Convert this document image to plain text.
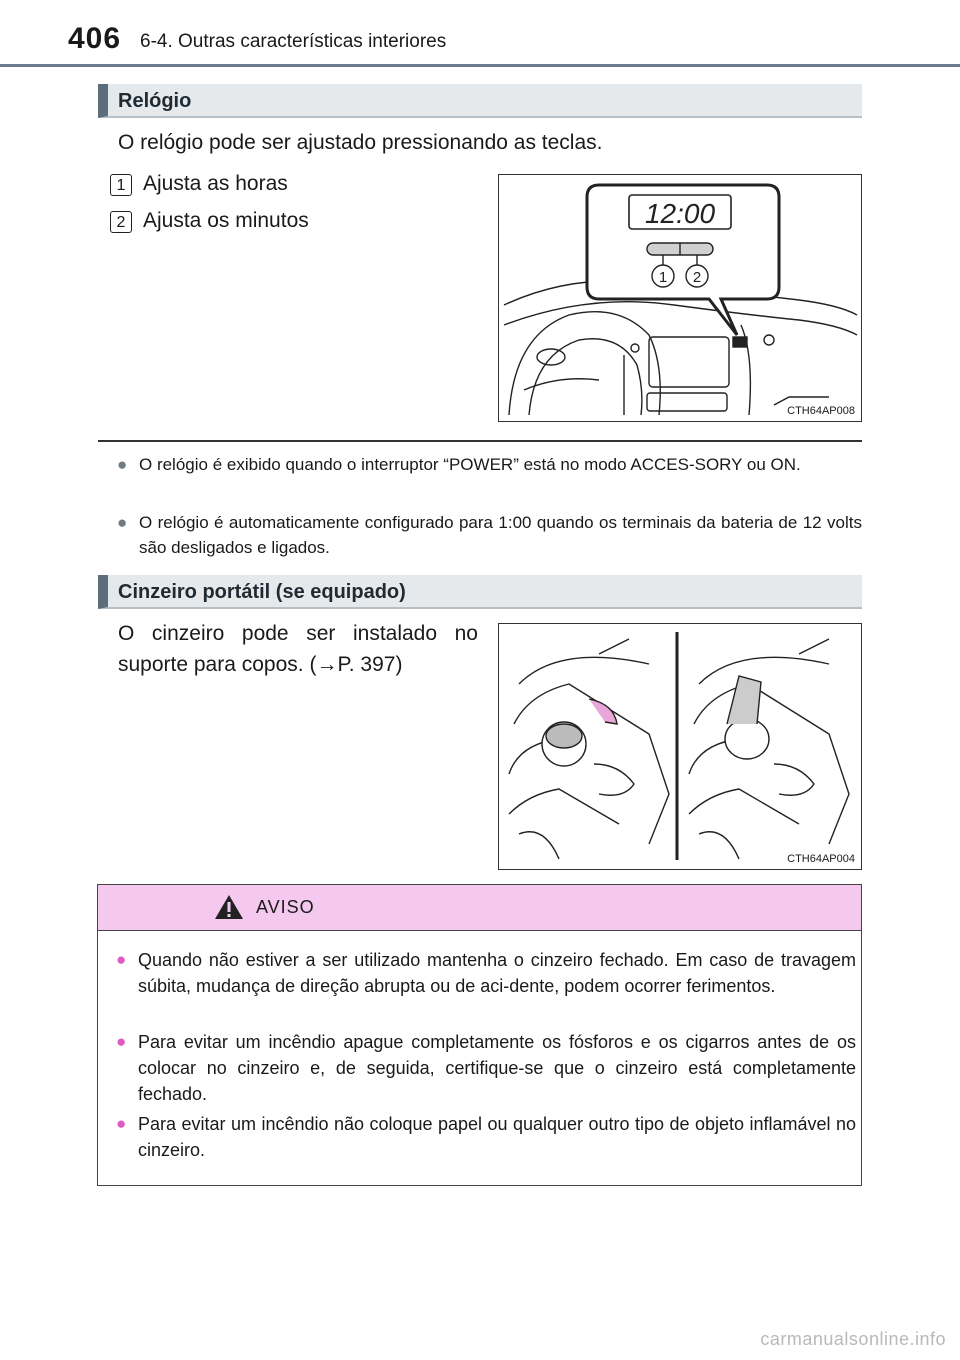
406 6-4. Outras características interiores
Relógio
O relógio pode ser ajustado pressionando as teclas.
1 Ajusta as horas
2 Ajusta os minutos	12:00
1 2
CTH64AP008
● O relógio é exibido quando o interruptor “POWER” está no modo ACCES-SORY ou ON.
● O relógio é automaticamente configurado para 1:00 quando os terminais da bateria de 12 volts são desligados e ligados.
Cinzeiro portátil (se equipado)
O cinzeiro pode ser instalado no suporte para copos. (→P. 397)
CTH64AP004
AVISO
● Quando não estiver a ser utilizado mantenha o cinzeiro fechado. Em caso de travagem súbita, mudança de direção abrupta ou de aci-dente, podem ocorrer ferimentos.
● Para evitar um incêndio apague completamente os fósforos e os cigarros antes de os colocar no cinzeiro e, de seguida, certifique-se que o cinzeiro está completamente fechado.
● Para evitar um incêndio não coloque papel ou qualquer outro tipo de objeto inflamável no cinzeiro.
carmanualsonline.info
